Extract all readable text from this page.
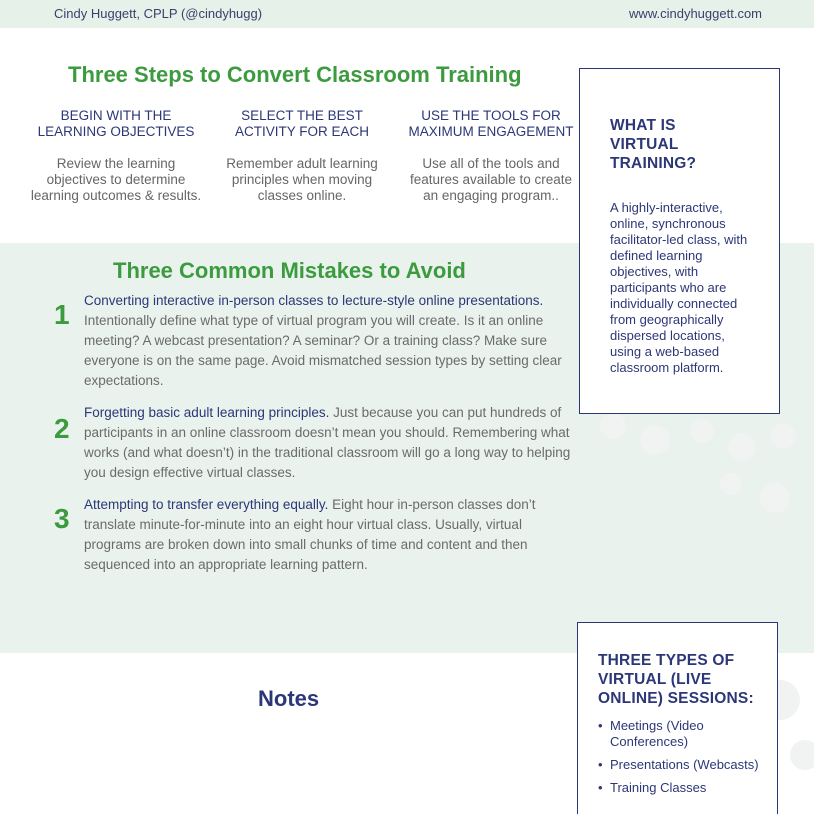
Cindy Huggett, CPLP (@cindyhugg)	www.cindyhuggett.com
Three Steps to Convert Classroom Training
BEGIN WITH THE
LEARNING OBJECTIVES
Review the learning
objectives to determine
learning outcomes & results.
SELECT THE BEST
ACTIVITY FOR EACH
Remember adult learning
principles when moving
classes online.
USE THE TOOLS FOR
MAXIMUM ENGAGEMENT
Use all of the tools and
features available to create
an engaging program..
Three Common Mistakes to Avoid
1 Converting interactive in-person classes to lecture-style online presentations. Intentionally define what type of virtual program you will create. Is it an online meeting? A webcast presentation? A seminar? Or a training class? Make sure everyone is on the same page. Avoid mismatched session types by setting clear expectations.

2

Forgetting basic adult learning principles. Just because you can put hundreds of participants in an online classroom doesn’t mean you should. Remembering what works (and what doesn’t) in the traditional classroom will go a long way to helping you design effective virtual classes.

3 Attempting to transfer everything equally. Eight hour in-person classes don’t translate minute-for-minute into an eight hour virtual class. Usually, virtual programs are broken down into small chunks of time and content and then sequenced into an appropriate learning pattern.

Notes
WHAT IS VIRTUAL TRAINING?
A highly-interactive, online, synchronous facilitator-led class, with defined learning objectives, with participants who are individually connected from geographically dispersed locations, using a web-based classroom platform.
THREE TYPES OF VIRTUAL (LIVE ONLINE) SESSIONS:
• Meetings (Video Conferences)
• Presentations (Webcasts)
• Training Classes
